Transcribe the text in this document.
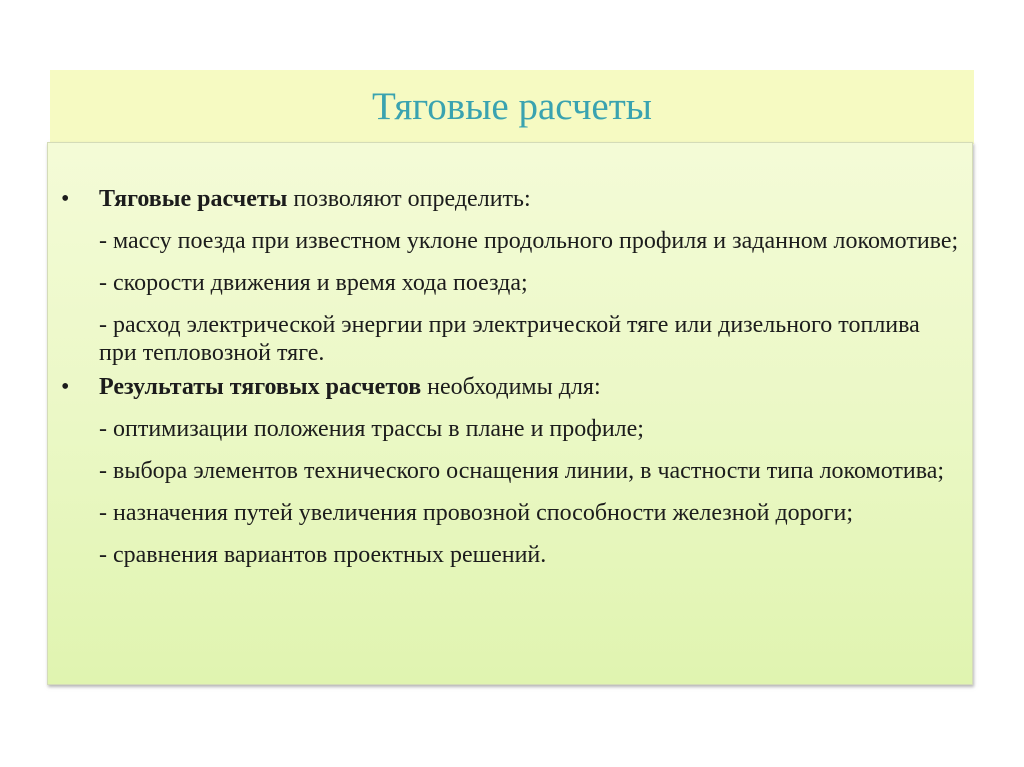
Тяговые расчеты

• Тяговые расчеты позволяют определить:

- массу поезда при известном уклоне продольного профиля и заданном локомотиве;

- скорости движения и время хода поезда;

- расход электрической энергии при электрической тяге или дизельного топлива при тепловозной тяге.

• Результаты тяговых расчетов необходимы для:

- оптимизации положения трассы в плане и профиле;

- выбора элементов технического оснащения линии, в частности типа локомотива;

- назначения путей увеличения провозной способности железной дороги;

- сравнения вариантов проектных решений.
